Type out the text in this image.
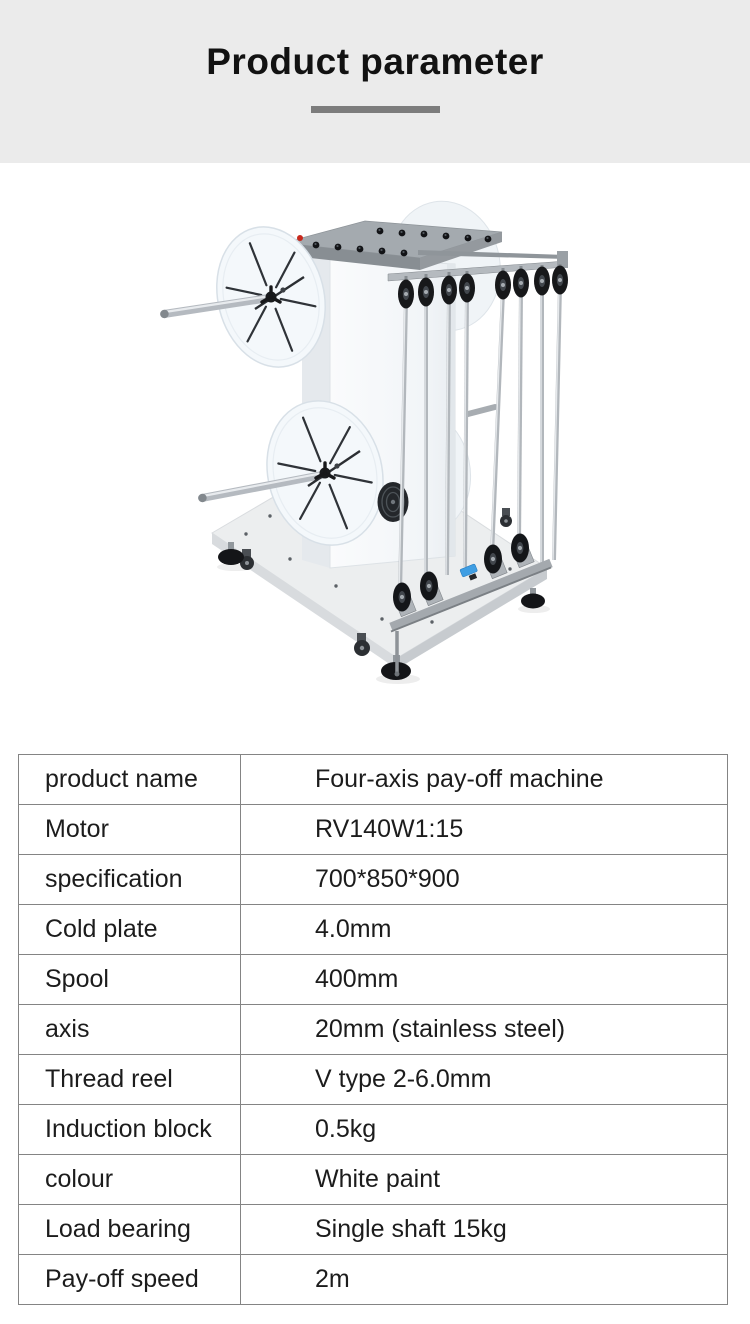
Product parameter
product name	Four-axis pay-off machine
Motor	RV140W1:15
specification	700*850*900
Cold plate	4.0mm
Spool	400mm
axis	20mm (stainless steel)
Thread reel	V type 2-6.0mm
Induction block	0.5kg
colour	White paint
Load bearing	Single shaft 15kg
Pay-off speed	2m
